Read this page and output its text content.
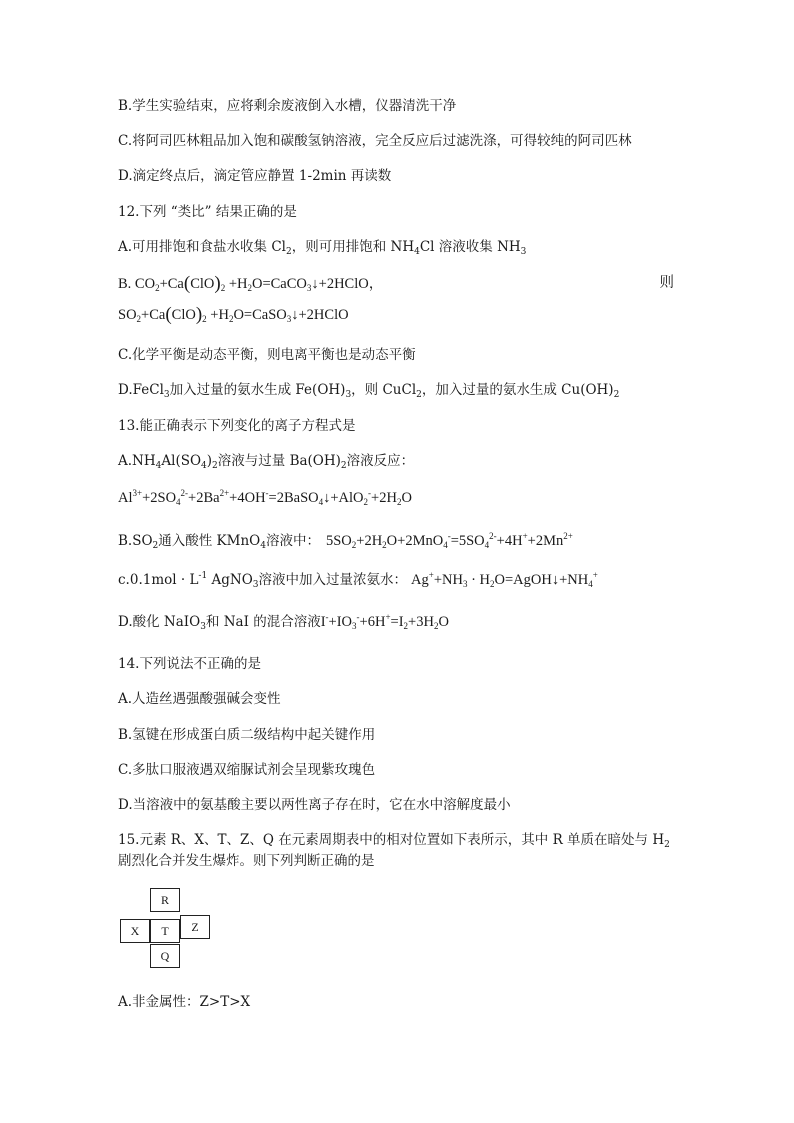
B.学生实验结束，应将剩余废液倒入水槽，仪器清洗干净
C.将阿司匹林粗品加入饱和碳酸氢钠溶液，完全反应后过滤洗涤，可得较纯的阿司匹林
D.滴定终点后，滴定管应静置 1-2min 再读数
12.下列 “类比” 结果正确的是
A.可用排饱和食盐水收集 $Cl_2$，则可用排饱和 $NH_4Cl$ 溶液收集 $NH_3$
B. $CO_2+Ca(ClO)_2$ $+H_2O=CaCO_3↓+2HClO$，	则
$SO_2+Ca(ClO)_2$ $+H_2O=CaSO_3↓+2HClO$
C.化学平衡是动态平衡，则电离平衡也是动态平衡
D.FeCl$_3$加入过量的氨水生成 $Fe(OH)_3$，则 CuCl$_2$，加入过量的氨水生成 $Cu(OH)_2$
13.能正确表示下列变化的离子方程式是
$A.NH_4Al(SO_4)_2$溶液与过量 $Ba(OH)_2$溶液反应：
$Al^{3+}+2SO_4^{2-}+2Ba^{2+}+4OH^-=2BaSO_4↓+AlO_2^-+2H_2O$
$B.SO_2$通入酸性 KMnO$_4$溶液中： $5SO_2+2H_2O+2MnO_4^-=5SO_4^{2-}+4H^++2Mn^{2+}$
$c.0.1mol \cdot L^{-1}$ AgNO$_3$溶液中加入过量浓氨水： $Ag^++NH_3$ · $H_2O=AgOH↓+NH_4^+$
D.酸化 NaIO$_3$和 NaI 的混合溶液$I^-+IO_3^-+6H^+=I_2+3H_2O$
14.下列说法不正确的是
A.人造丝遇强酸强碱会变性
B.氢键在形成蛋白质二级结构中起关键作用
C.多肽口服液遇双缩脲试剂会呈现紫玫瑰色
D.当溶液中的氨基酸主要以两性离子存在时，它在水中溶解度最小
15.元素 R、X、T、Z、Q 在元素周期表中的相对位置如下表所示，其中 R 单质在暗处与 $H_2$
剧烈化合并发生爆炸。则下列判断正确的是
R
X	T	Z
Q
A.非金属性：Z>T>X
